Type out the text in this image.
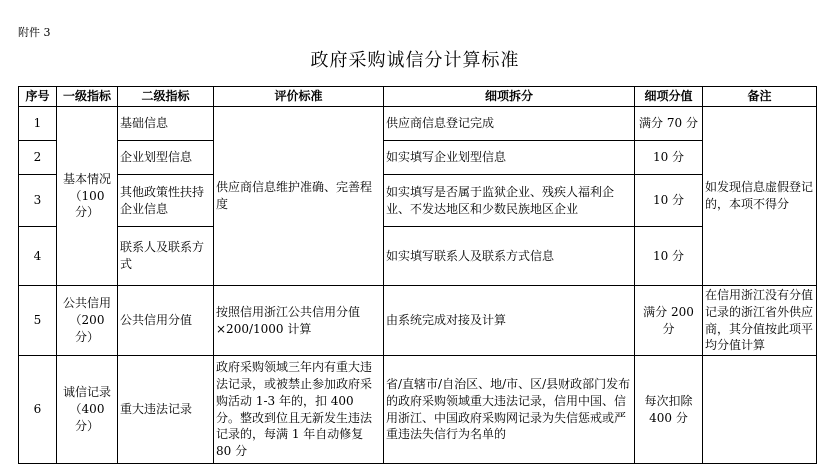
附件 3
政府采购诚信分计算标准
序号	一级指标	二级指标	评价标准	细项拆分	细项分值	备注
1	基本情况（100 分）	基础信息	供应商信息维护准确、完善程度	供应商信息登记完成	满分 70 分	如发现信息虚假登记的，本项不得分
2		企业划型信息		如实填写企业划型信息	10 分	
3		其他政策性扶持企业信息		如实填写是否属于监狱企业、残疾人福利企业、不发达地区和少数民族地区企业	10 分	
4		联系人及联系方式		如实填写联系人及联系方式信息	10 分	
5	公共信用（200 分）	公共信用分值	按照信用浙江公共信用分值×200/1000 计算	由系统完成对接及计算	满分 200 分	在信用浙江没有分值记录的浙江省外供应商，其分值按此项平均分值计算
6	诚信记录（400 分）	重大违法记录	政府采购领域三年内有重大违法记录，或被禁止参加政府采购活动 1-3 年的，扣 400 分。整改到位且无新发生违法记录的，每满 1 年自动修复 80 分	省/直辖市/自治区、地/市、区/县财政部门发布的政府采购领域重大违法记录，信用中国、信用浙江、中国政府采购网记录为失信惩戒或严重违法失信行为名单的	每次扣除 400 分	
